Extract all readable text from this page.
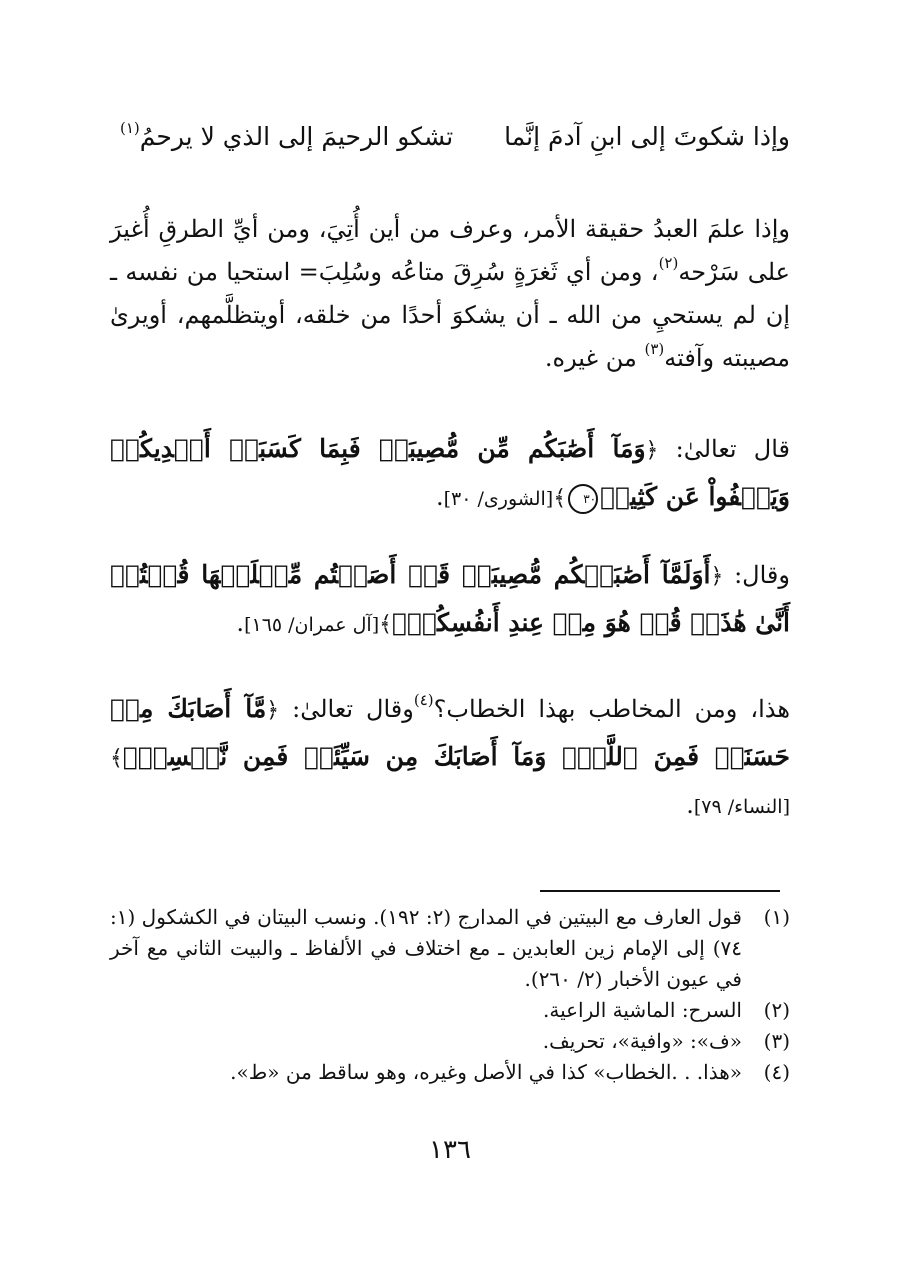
وإذا شكوتَ إلى ابنِ آدمَ إنَّما
تشكو الرحيمَ إلى الذي لا يرحمُ$^{(١)}$
وإذا علمَ العبدُ حقيقة الأمر، وعرف من أين أُتِيَ، ومن أيِّ الطرقِ أُغيرَ على سَرْحه$^{(٢)}$، ومن أي ثَغرَةٍ سُرِقَ متاعُه وسُلِبَ= استحيا من نفسه ـ إن لم يستحيِ من الله ـ أن يشكوَ أحدًا من خلقه، أويتظلَّمهم، أويرىٰ مصيبته وآفته$^{(٣)}$ من غيره.
قال تعالىٰ: ﴿وَمَآ أَصَٰبَكُم مِّن مُّصِيبَةٖ فَبِمَا كَسَبَتۡ أَيۡدِيكُمۡ وَيَعۡفُواْ عَن كَثِيرٖ٣٠﴾[الشورى/ ٣٠].
وقال: ﴿أَوَلَمَّآ أَصَٰبَتۡكُم مُّصِيبَةٞ قَدۡ أَصَبۡتُم مِّثۡلَيۡهَا قُلۡتُمۡ أَنَّىٰ هَٰذَاۖ قُلۡ هُوَ مِنۡ عِندِ أَنفُسِكُمۡۗ﴾[آل عمران/ ١٦٥].
هذا، ومن المخاطب بهذا الخطاب؟$^{(٤)}$وقال تعالىٰ: ﴿مَّآ أَصَابَكَ مِنۡ حَسَنَةٖ فَمِنَ ٱللَّهِۖ وَمَآ أَصَابَكَ مِن سَيِّئَةٖ فَمِن نَّفۡسِكَۚ﴾[النساء/ ٧٩].
(١)
قول العارف مع البيتين في المدارج (٢: ١٩٢). ونسب البيتان في الكشكول (١: ٧٤) إلى الإمام زين العابدين ـ مع اختلاف في الألفاظ ـ والبيت الثاني مع آخر في عيون الأخبار (٢/ ٢٦٠).
(٢)
السرح: الماشية الراعية.
(٣)
«ف»: «وافية»، تحريف.
(٤)
«هذا. . .الخطاب» كذا في الأصل وغيره، وهو ساقط من «ط».
١٣٦
